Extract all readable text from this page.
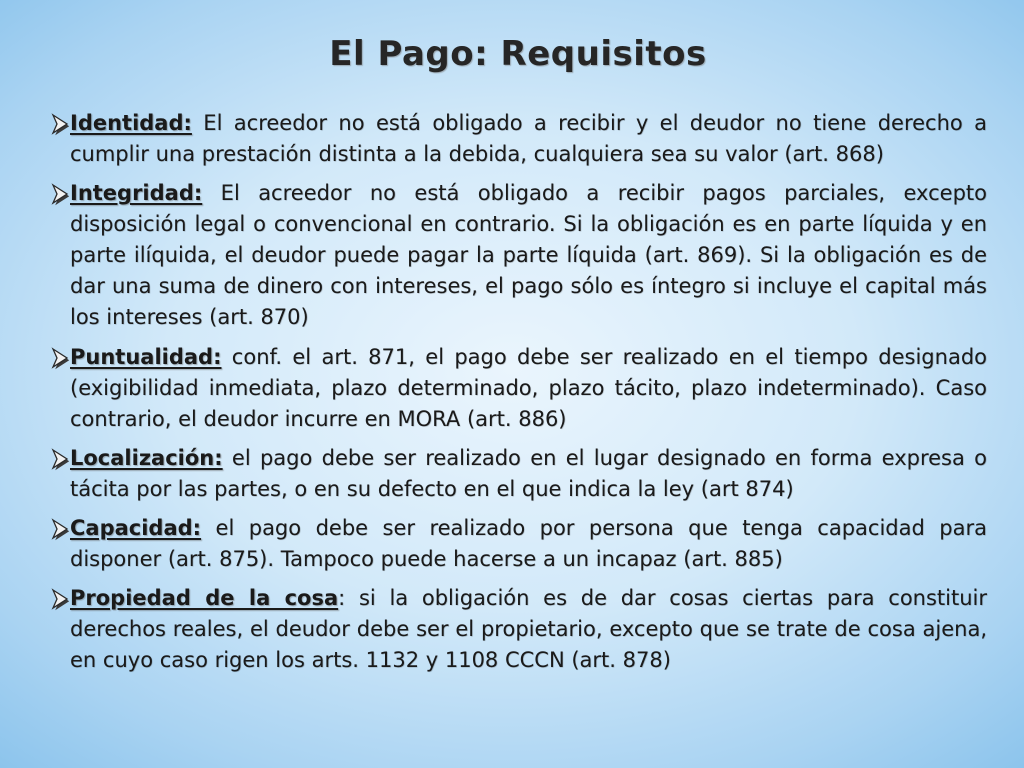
El Pago: Requisitos
Identidad: El acreedor no está obligado a recibir y el deudor no tiene derecho a cumplir una prestación distinta a la debida, cualquiera sea su valor (art. 868)
Integridad: El acreedor no está obligado a recibir pagos parciales, excepto disposición legal o convencional en contrario. Si la obligación es en parte líquida y en parte ilíquida, el deudor puede pagar la parte líquida (art. 869). Si la obligación es de dar una suma de dinero con intereses, el pago sólo es íntegro si incluye el capital más los intereses (art. 870)
Puntualidad: conf. el art. 871, el pago debe ser realizado en el tiempo designado (exigibilidad inmediata, plazo determinado, plazo tácito, plazo indeterminado). Caso contrario, el deudor incurre en MORA (art. 886)
Localización: el pago debe ser realizado en el lugar designado en forma expresa o tácita por las partes, o en su defecto en el que indica la ley (art 874)
Capacidad: el pago debe ser realizado por persona que tenga capacidad para disponer (art. 875). Tampoco puede hacerse a un incapaz (art. 885)
Propiedad de la cosa: si la obligación es de dar cosas ciertas para constituir derechos reales, el deudor debe ser el propietario, excepto que se trate de cosa ajena, en cuyo caso rigen los arts. 1132 y 1108 CCCN (art. 878)
